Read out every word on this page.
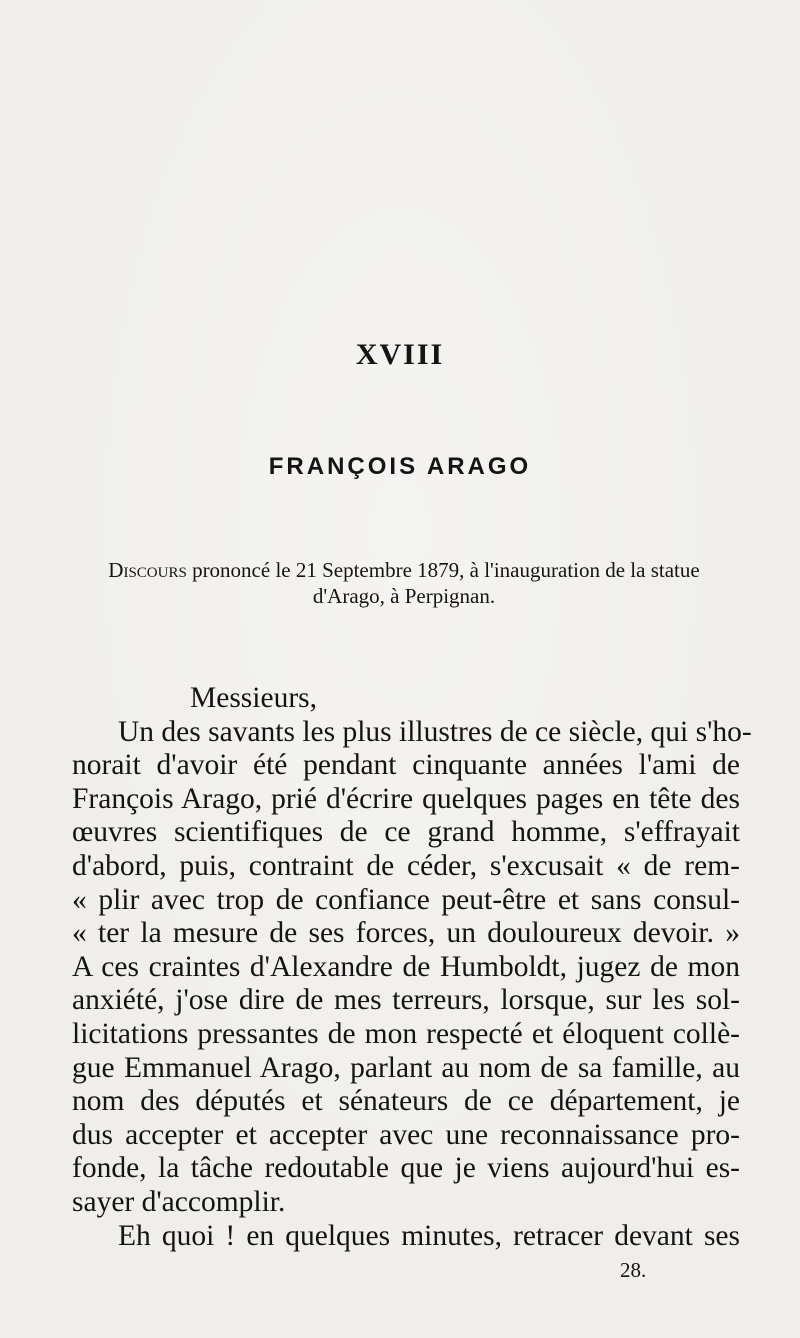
XVIII
FRANÇOIS ARAGO
Discours prononcé le 21 Septembre 1879, à l'inauguration de la statue
d'Arago, à Perpignan.
Messieurs,
Un des savants les plus illustres de ce siècle, qui s'ho-
norait d'avoir été pendant cinquante années l'ami de
François Arago, prié d'écrire quelques pages en tête des
œuvres scientifiques de ce grand homme, s'effrayait
d'abord, puis, contraint de céder, s'excusait « de rem-
« plir avec trop de confiance peut-être et sans consul-
« ter la mesure de ses forces, un douloureux devoir. »
A ces craintes d'Alexandre de Humboldt, jugez de mon
anxiété, j'ose dire de mes terreurs, lorsque, sur les sol-
licitations pressantes de mon respecté et éloquent collè-
gue Emmanuel Arago, parlant au nom de sa famille, au
nom des députés et sénateurs de ce département, je
dus accepter et accepter avec une reconnaissance pro-
fonde, la tâche redoutable que je viens aujourd'hui es-
sayer d'accomplir.
Eh quoi ! en quelques minutes, retracer devant ses
28.
